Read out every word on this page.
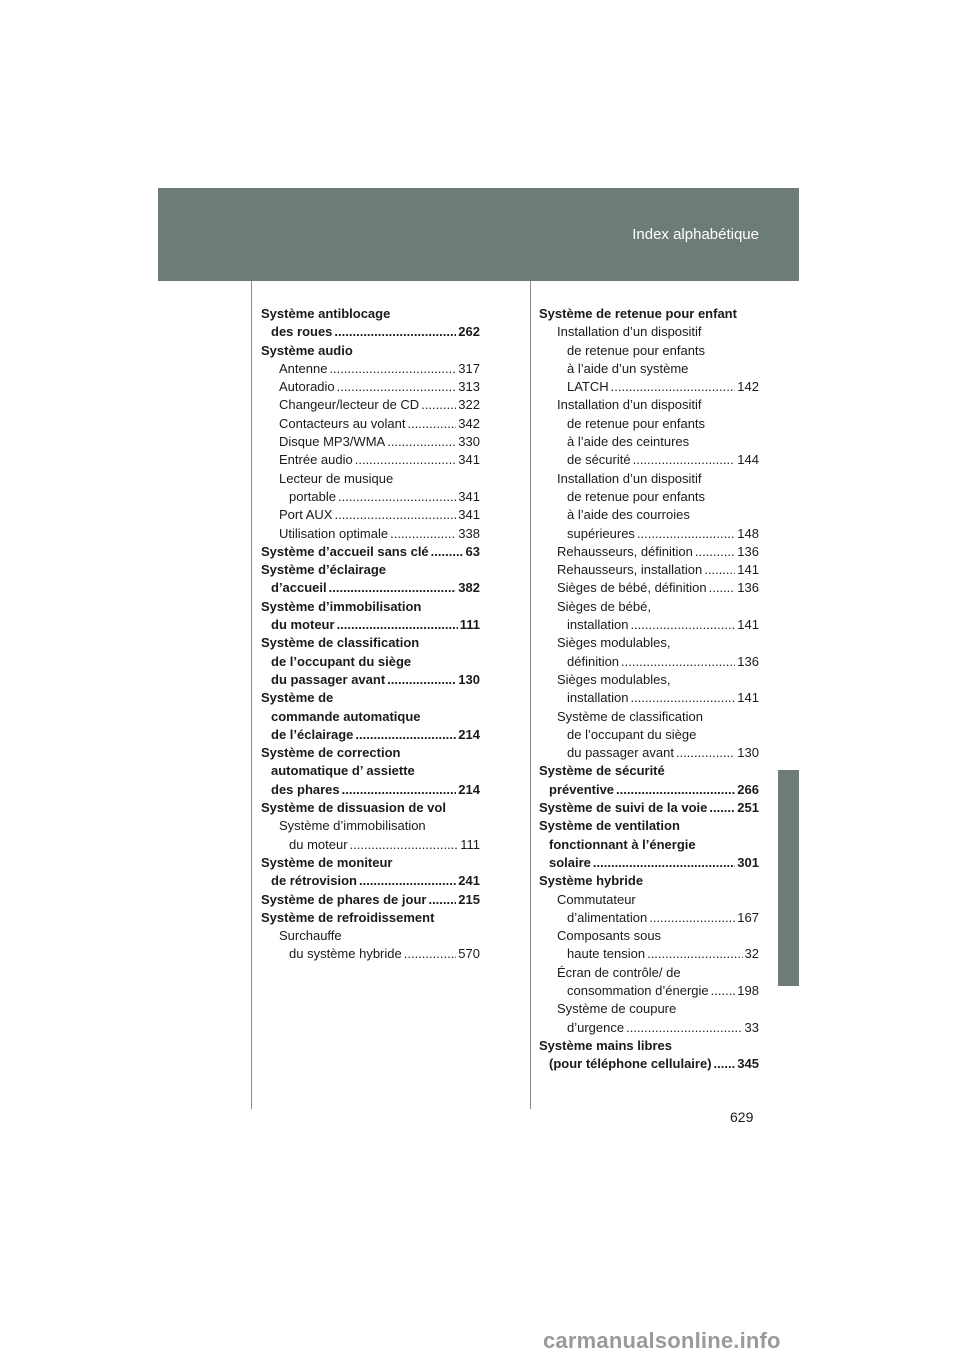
Index alphabétique
Système antiblocage
des roues .....	262
Système audio
Antenne .....	317
Autoradio .....	313
Changeur/lecteur de CD .....	322
Contacteurs au volant .....	342
Disque MP3/WMA .....	330
Entrée audio .....	341
Lecteur de musique
portable .....	341
Port AUX .....	341
Utilisation optimale .....	338
Système d’accueil sans clé .....	63
Système d’éclairage
d’accueil .....	382
Système d’immobilisation
du moteur .....	111
Système de classification
de l’occupant du siège
du passager avant .....	130
Système de
commande automatique
de l’éclairage .....	214
Système de correction
automatique d’ assiette
des phares .....	214
Système de dissuasion de vol
Système d’immobilisation
du moteur .....	111
Système de moniteur
de rétrovision .....	241
Système de phares de jour ..... 215
Système de refroidissement
Surchauffe
du système hybride .....	570
Système de retenue pour enfant
Installation d’un dispositif
de retenue pour enfants
à l’aide d’un système
LATCH .....	142
Installation d’un dispositif
de retenue pour enfants
à l’aide des ceintures
de sécurité .....	144
Installation d’un dispositif
de retenue pour enfants
à l’aide des courroies
supérieures .....	148
Rehausseurs, définition .....	136
Rehausseurs, installation .....	141
Sièges de bébé, définition ..... 136
Sièges de bébé,
installation .....	141
Sièges modulables,
définition .....	136
Sièges modulables,
installation .....	141
Système de classification
de l’occupant du siège
du passager avant .....	130
Système de sécurité
préventive .....	266
Système de suivi de la voie ..... 251
Système de ventilation
fonctionnant à l’énergie
solaire .....	301
Système hybride
Commutateur
d’alimentation .....	167
Composants sous
haute tension .....	32
Écran de contrôle/ de
consommation d’énergie ..... 198
Système de coupure
d’urgence .....	33
Système mains libres
(pour téléphone cellulaire) ..... 345
629
carmanualsonline.info
